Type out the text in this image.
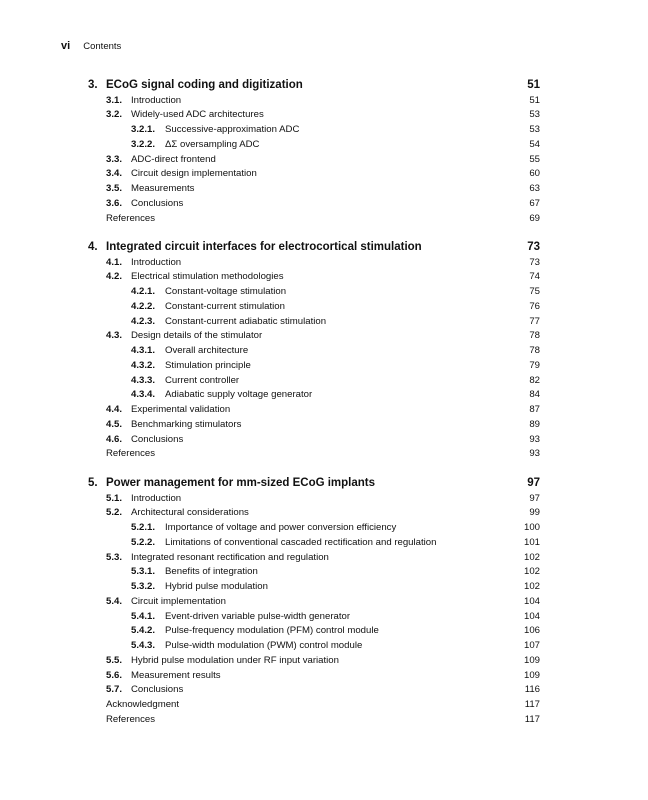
vi Contents
3. ECoG signal coding and digitization	51
3.1. Introduction	51
3.2. Widely-used ADC architectures	53
3.2.1. Successive-approximation ADC	53
3.2.2. ΔΣ oversampling ADC	54
3.3. ADC-direct frontend	55
3.4. Circuit design implementation	60
3.5. Measurements	63
3.6. Conclusions	67
References	69
4. Integrated circuit interfaces for electrocortical stimulation	73
4.1. Introduction	73
4.2. Electrical stimulation methodologies	74
4.2.1. Constant-voltage stimulation	75
4.2.2. Constant-current stimulation	76
4.2.3. Constant-current adiabatic stimulation	77
4.3. Design details of the stimulator	78
4.3.1. Overall architecture	78
4.3.2. Stimulation principle	79
4.3.3. Current controller	82
4.3.4. Adiabatic supply voltage generator	84
4.4. Experimental validation	87
4.5. Benchmarking stimulators	89
4.6. Conclusions	93
References	93
5. Power management for mm-sized ECoG implants	97
5.1. Introduction	97
5.2. Architectural considerations	99
5.2.1. Importance of voltage and power conversion efficiency	100
5.2.2. Limitations of conventional cascaded rectification and regulation	101
5.3. Integrated resonant rectification and regulation	102
5.3.1. Benefits of integration	102
5.3.2. Hybrid pulse modulation	102
5.4. Circuit implementation	104
5.4.1. Event-driven variable pulse-width generator	104
5.4.2. Pulse-frequency modulation (PFM) control module	106
5.4.3. Pulse-width modulation (PWM) control module	107
5.5. Hybrid pulse modulation under RF input variation	109
5.6. Measurement results	109
5.7. Conclusions	116
Acknowledgment	117
References	117
